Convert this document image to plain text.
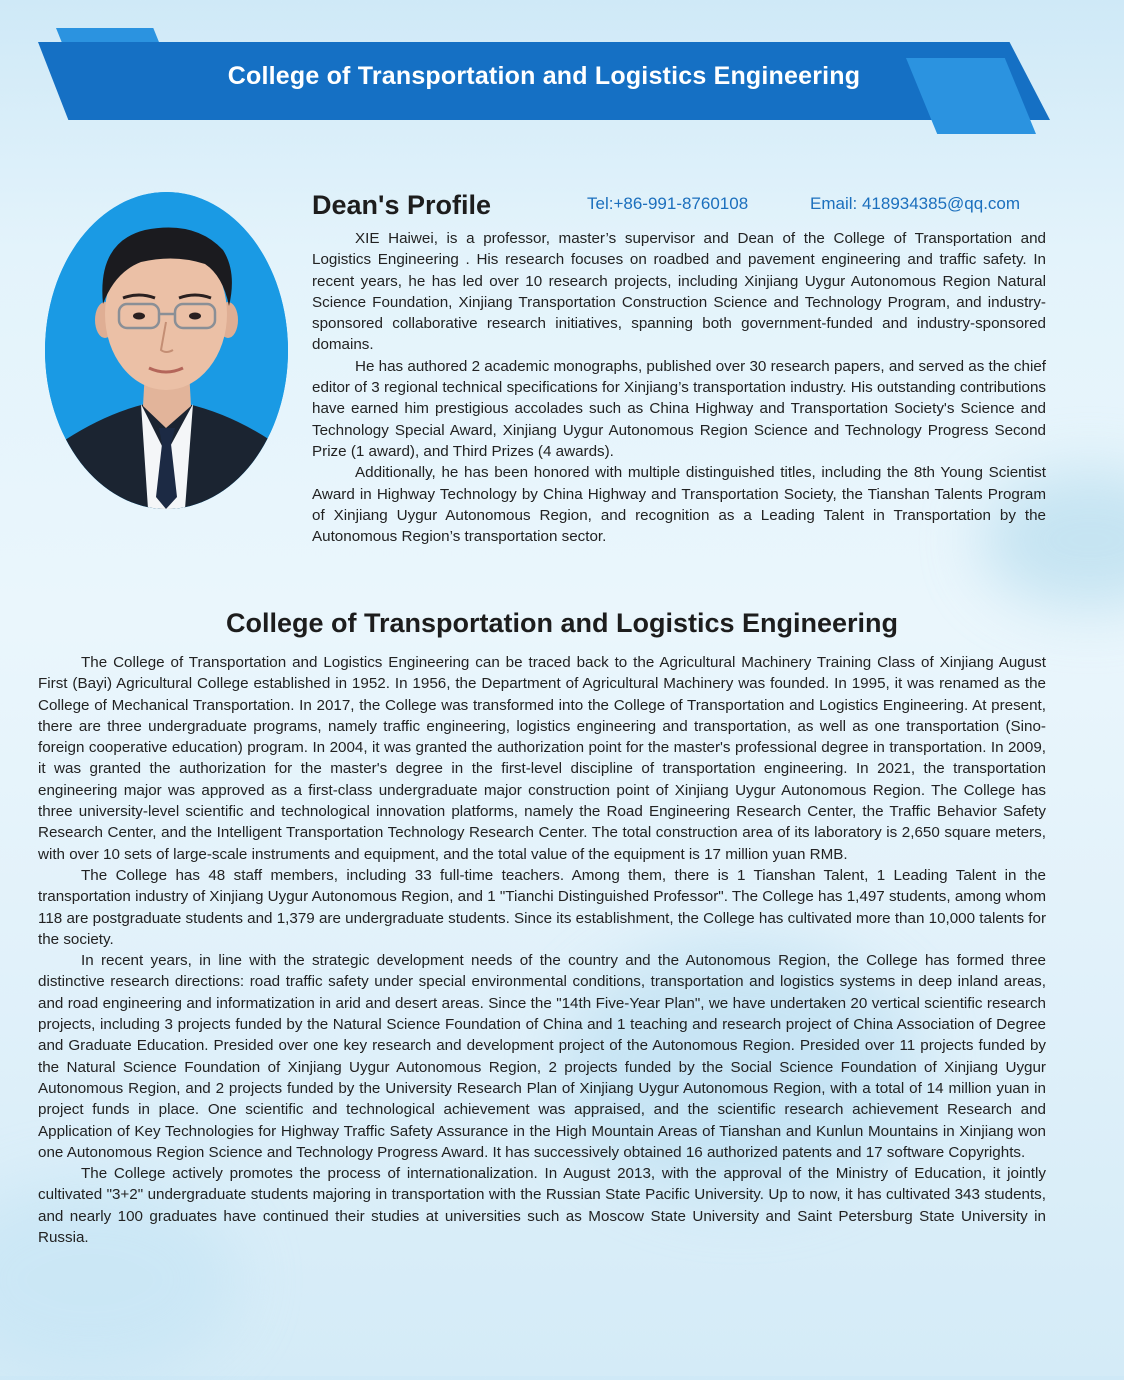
College of Transportation and Logistics Engineering
Dean's Profile	Tel:+86-991-8760108	Email: 418934385@qq.com

XIE Haiwei, is a professor, master’s supervisor and Dean of the College of Transportation and Logistics Engineering . His research focuses on roadbed and pavement engineering and traffic safety. In recent years, he has led over 10 research projects, including Xinjiang Uygur Autonomous Region Natural Science Foundation, Xinjiang Transportation Construction Science and Technology Program, and industry-sponsored collaborative research initiatives, spanning both government-funded and industry-sponsored domains.

He has authored 2 academic monographs, published over 30 research papers, and served as the chief editor of 3 regional technical specifications for Xinjiang’s transportation industry. His outstanding contributions have earned him prestigious accolades such as China Highway and Transportation Society's Science and Technology Special Award, Xinjiang Uygur Autonomous Region Science and Technology Progress Second Prize (1 award), and Third Prizes (4 awards).

Additionally, he has been honored with multiple distinguished titles, including the 8th Young Scientist Award in Highway Technology by China Highway and Transportation Society, the Tianshan Talents Program of Xinjiang Uygur Autonomous Region, and recognition as a Leading Talent in Transportation by the Autonomous Region’s transportation sector.

College of Transportation and Logistics Engineering

The College of Transportation and Logistics Engineering can be traced back to the Agricultural Machinery Training Class of Xinjiang August First (Bayi) Agricultural College established in 1952. In 1956, the Department of Agricultural Machinery was founded. In 1995, it was renamed as the College of Mechanical Transportation. In 2017, the College was transformed into the College of Transportation and Logistics Engineering. At present, there are three undergraduate programs, namely traffic engineering, logistics engineering and transportation, as well as one transportation (Sino-foreign cooperative education) program. In 2004, it was granted the authorization point for the master's professional degree in transportation. In 2009, it was granted the authorization for the master's degree in the first-level discipline of transportation engineering. In 2021, the transportation engineering major was approved as a first-class undergraduate major construction point of Xinjiang Uygur Autonomous Region. The College has three university-level scientific and technological innovation platforms, namely the Road Engineering Research Center, the Traffic Behavior Safety Research Center, and the Intelligent Transportation Technology Research Center. The total construction area of its laboratory is 2,650 square meters, with over 10 sets of large-scale instruments and equipment, and the total value of the equipment is 17 million yuan RMB.

The College has 48 staff members, including 33 full-time teachers. Among them, there is 1 Tianshan Talent, 1 Leading Talent in the transportation industry of Xinjiang Uygur Autonomous Region, and 1 "Tianchi Distinguished Professor". The College has 1,497 students, among whom 118 are postgraduate students and 1,379 are undergraduate students. Since its establishment, the College has cultivated more than 10,000 talents for the society.

In recent years, in line with the strategic development needs of the country and the Autonomous Region, the College has formed three distinctive research directions: road traffic safety under special environmental conditions, transportation and logistics systems in deep inland areas, and road engineering and informatization in arid and desert areas. Since the "14th Five-Year Plan", we have undertaken 20 vertical scientific research projects, including 3 projects funded by the Natural Science Foundation of China and 1 teaching and research project of China Association of Degree and Graduate Education. Presided over one key research and development project of the Autonomous Region. Presided over 11 projects funded by the Natural Science Foundation of Xinjiang Uygur Autonomous Region, 2 projects funded by the Social Science Foundation of Xinjiang Uygur Autonomous Region, and 2 projects funded by the University Research Plan of Xinjiang Uygur Autonomous Region, with a total of 14 million yuan in project funds in place. One scientific and technological achievement was appraised, and the scientific research achievement Research and Application of Key Technologies for Highway Traffic Safety Assurance in the High Mountain Areas of Tianshan and Kunlun Mountains in Xinjiang won one Autonomous Region Science and Technology Progress Award. It has successively obtained 16 authorized patents and 17 software Copyrights.

The College actively promotes the process of internationalization. In August 2013, with the approval of the Ministry of Education, it jointly cultivated "3+2" undergraduate students majoring in transportation with the Russian State Pacific University. Up to now, it has cultivated 343 students, and nearly 100 graduates have continued their studies at universities such as Moscow State University and Saint Petersburg State University in Russia.
